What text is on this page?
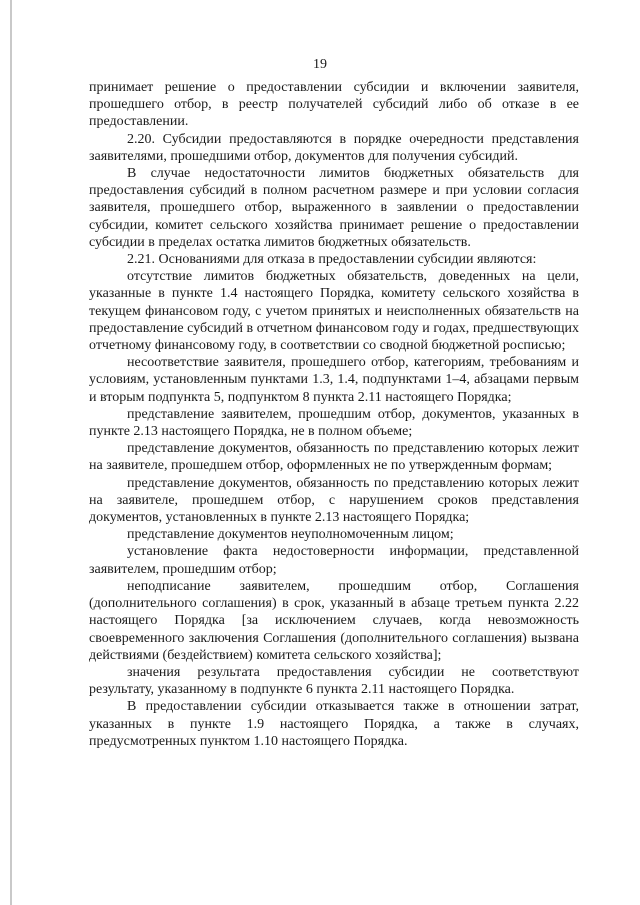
19

принимает решение о предоставлении субсидии и включении заявителя, прошедшего отбор, в реестр получателей субсидий либо об отказе в ее предоставлении.

2.20. Субсидии предоставляются в порядке очередности представления заявителями, прошедшими отбор, документов для получения субсидий.

В случае недостаточности лимитов бюджетных обязательств для предоставления субсидий в полном расчетном размере и при условии согласия заявителя, прошедшего отбор, выраженного в заявлении о предоставлении субсидии, комитет сельского хозяйства принимает решение о предоставлении субсидии в пределах остатка лимитов бюджетных обязательств.

2.21. Основаниями для отказа в предоставлении субсидии являются:

отсутствие лимитов бюджетных обязательств, доведенных на цели, указанные в пункте 1.4 настоящего Порядка, комитету сельского хозяйства в текущем финансовом году, с учетом принятых и неисполненных обязательств на предоставление субсидий в отчетном финансовом году и годах, предшествующих отчетному финансовому году, в соответствии со сводной бюджетной росписью;

несоответствие заявителя, прошедшего отбор, категориям, требованиям и условиям, установленным пунктами 1.3, 1.4, подпунктами 1–4, абзацами первым и вторым подпункта 5, подпунктом 8 пункта 2.11 настоящего Порядка;

представление заявителем, прошедшим отбор, документов, указанных в пункте 2.13 настоящего Порядка, не в полном объеме;

представление документов, обязанность по представлению которых лежит на заявителе, прошедшем отбор, оформленных не по утвержденным формам;

представление документов, обязанность по представлению которых лежит на заявителе, прошедшем отбор, с нарушением сроков представления документов, установленных в пункте 2.13 настоящего Порядка;

представление документов неуполномоченным лицом;

установление факта недостоверности информации, представленной заявителем, прошедшим отбор;

неподписание заявителем, прошедшим отбор, Соглашения (дополнительного соглашения) в срок, указанный в абзаце третьем пункта 2.22 настоящего Порядка [за исключением случаев, когда невозможность своевременного заключения Соглашения (дополнительного соглашения) вызвана действиями (бездействием) комитета сельского хозяйства];

значения результата предоставления субсидии не соответствуют результату, указанному в подпункте 6 пункта 2.11 настоящего Порядка.

В предоставлении субсидии отказывается также в отношении затрат, указанных в пункте 1.9 настоящего Порядка, а также в случаях, предусмотренных пунктом 1.10 настоящего Порядка.
